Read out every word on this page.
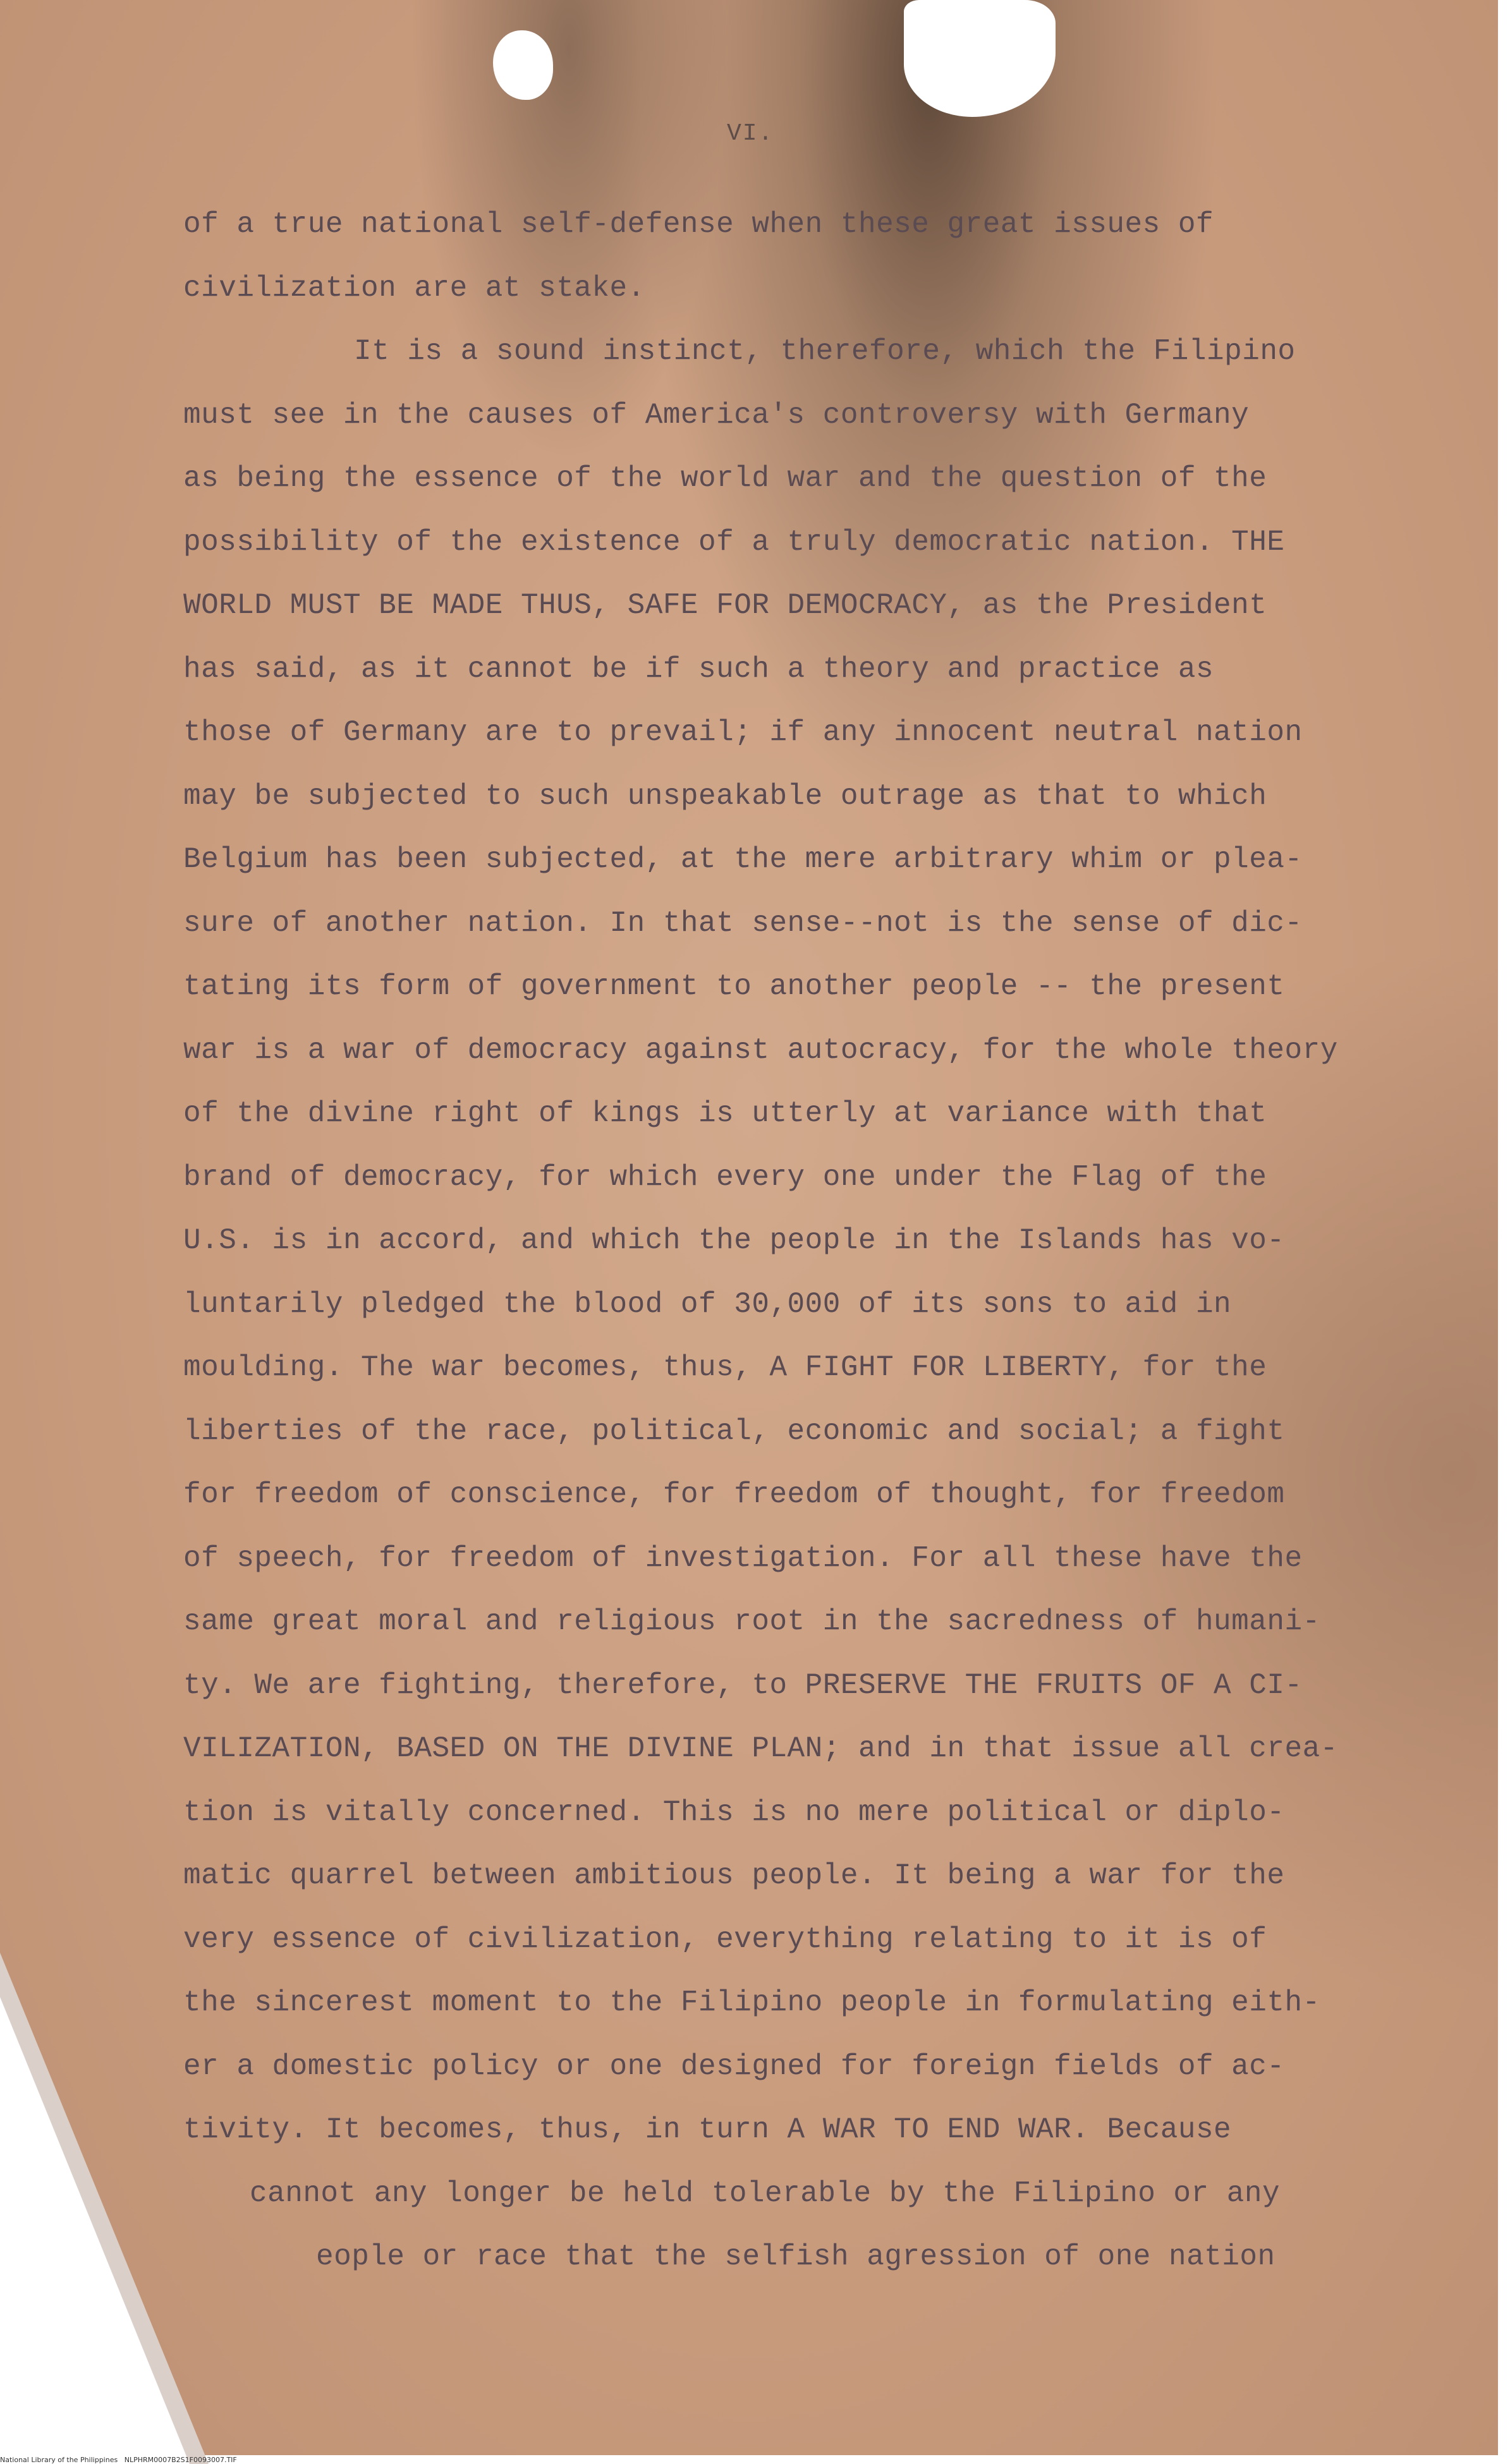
VI.
of a true national self-defense when these great issues of
civilization are at stake.
It is a sound instinct, therefore, which the Filipino
must see in the causes of America's controversy with Germany
as being the essence of the world war and the question of the
possibility of the existence of a truly democratic nation. THE
WORLD MUST BE MADE THUS, SAFE FOR DEMOCRACY, as the President
has said, as it cannot be if such a theory and practice as
those of Germany are to prevail; if any innocent neutral nation
may be subjected to such unspeakable outrage as that to which
Belgium has been subjected, at the mere arbitrary whim or plea-
sure of another nation. In that sense--not is the sense of dic-
tating its form of government to another people -- the present
war is a war of democracy against autocracy, for the whole theory
of the divine right of kings is utterly at variance with that
brand of democracy, for which every one under the Flag of the
U.S. is in accord, and which the people in the Islands has vo-
luntarily pledged the blood of 30,000 of its sons to aid in
moulding. The war becomes, thus, A FIGHT FOR LIBERTY, for the
liberties of the race, political, economic and social; a fight
for freedom of conscience, for freedom of thought, for freedom
of speech, for freedom of investigation. For all these have the
same great moral and religious root in the sacredness of humani-
ty. We are fighting, therefore, to PRESERVE THE FRUITS OF A CI-
VILIZATION, BASED ON THE DIVINE PLAN; and in that issue all crea-
tion is vitally concerned. This is no mere political or diplo-
matic quarrel between ambitious people. It being a war for the
very essence of civilization, everything relating to it is of
the sincerest moment to the Filipino people in formulating eith-
er a domestic policy or one designed for foreign fields of ac-
tivity. It becomes, thus, in turn A WAR TO END WAR. Because
cannot any longer be held tolerable by the Filipino or any
eople or race that the selfish agression of one nation
National Library of the Philippines NLPHRM0007B2S1F0093007.TIF
